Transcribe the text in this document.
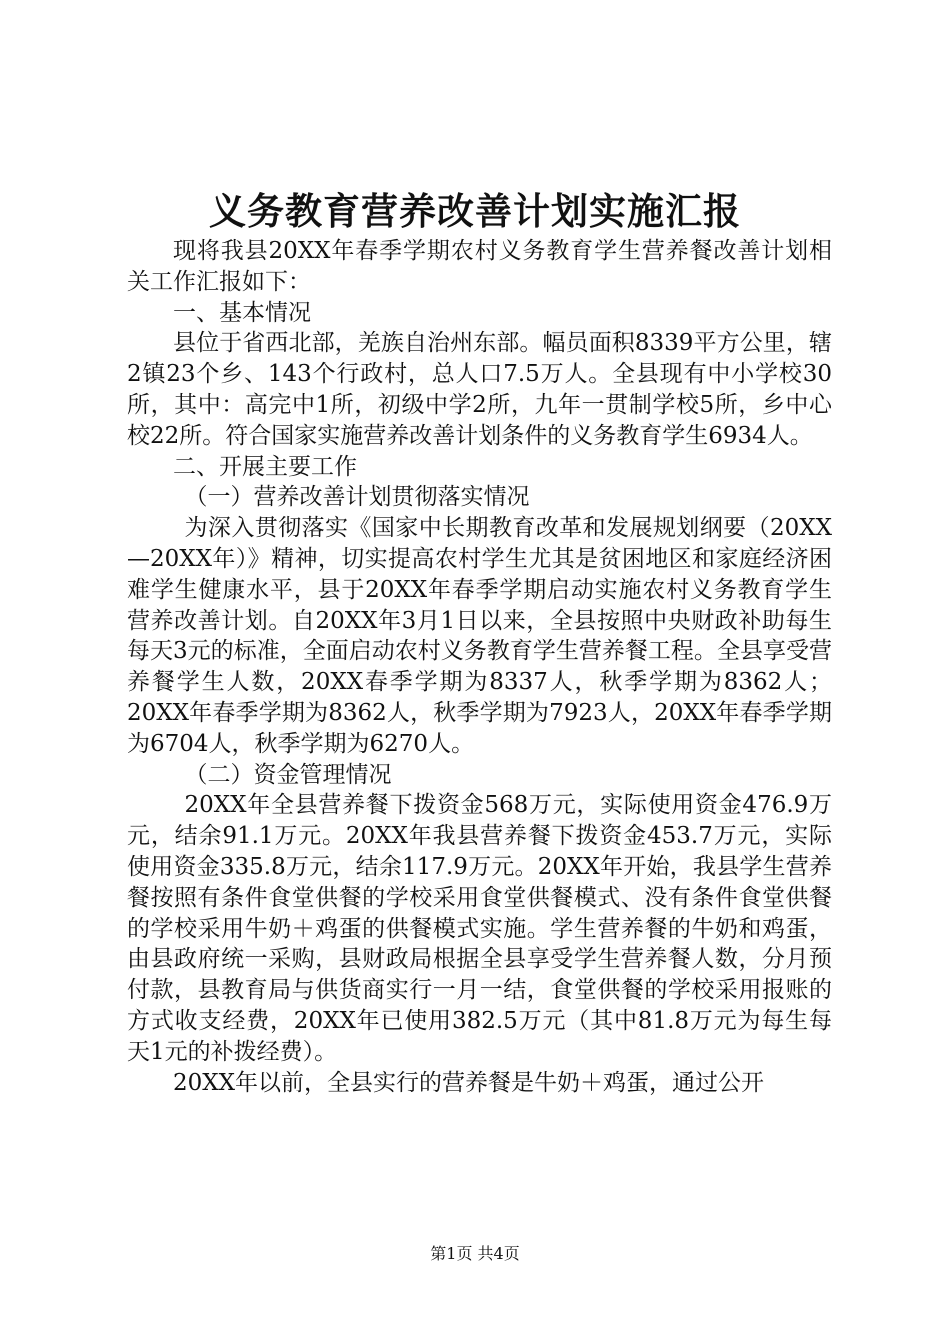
义务教育营养改善计划实施汇报

现将我县20XX年春季学期农村义务教育学生营养餐改善计划相关工作汇报如下：

一、基本情况

县位于省西北部，羌族自治州东部。幅员面积8339平方公里，辖2镇23个乡、143个行政村，总人口7.5万人。全县现有中小学校30所，其中：高完中1所，初级中学2所，九年一贯制学校5所，乡中心校22所。符合国家实施营养改善计划条件的义务教育学生6934人。

二、开展主要工作

（一）营养改善计划贯彻落实情况

为深入贯彻落实《国家中长期教育改革和发展规划纲要（20XX—20XX年）》精神，切实提高农村学生尤其是贫困地区和家庭经济困难学生健康水平，县于20XX年春季学期启动实施农村义务教育学生营养改善计划。自20XX年3月1日以来，全县按照中央财政补助每生每天3元的标准，全面启动农村义务教育学生营养餐工程。全县享受营养餐学生人数，20XX春季学期为8337人，秋季学期为8362人；20XX年春季学期为8362人，秋季学期为7923人，20XX年春季学期为6704人，秋季学期为6270人。

（二）资金管理情况

20XX年全县营养餐下拨资金568万元，实际使用资金476.9万元，结余91.1万元。20XX年我县营养餐下拨资金453.7万元，实际使用资金335.8万元，结余117.9万元。20XX年开始，我县学生营养餐按照有条件食堂供餐的学校采用食堂供餐模式、没有条件食堂供餐的学校采用牛奶＋鸡蛋的供餐模式实施。学生营养餐的牛奶和鸡蛋，由县政府统一采购，县财政局根据全县享受学生营养餐人数，分月预付款，县教育局与供货商实行一月一结，食堂供餐的学校采用报账的方式收支经费，20XX年已使用382.5万元（其中81.8万元为每生每天1元的补拨经费）。

20XX年以前，全县实行的营养餐是牛奶＋鸡蛋，通过公开

第1页 共4页
